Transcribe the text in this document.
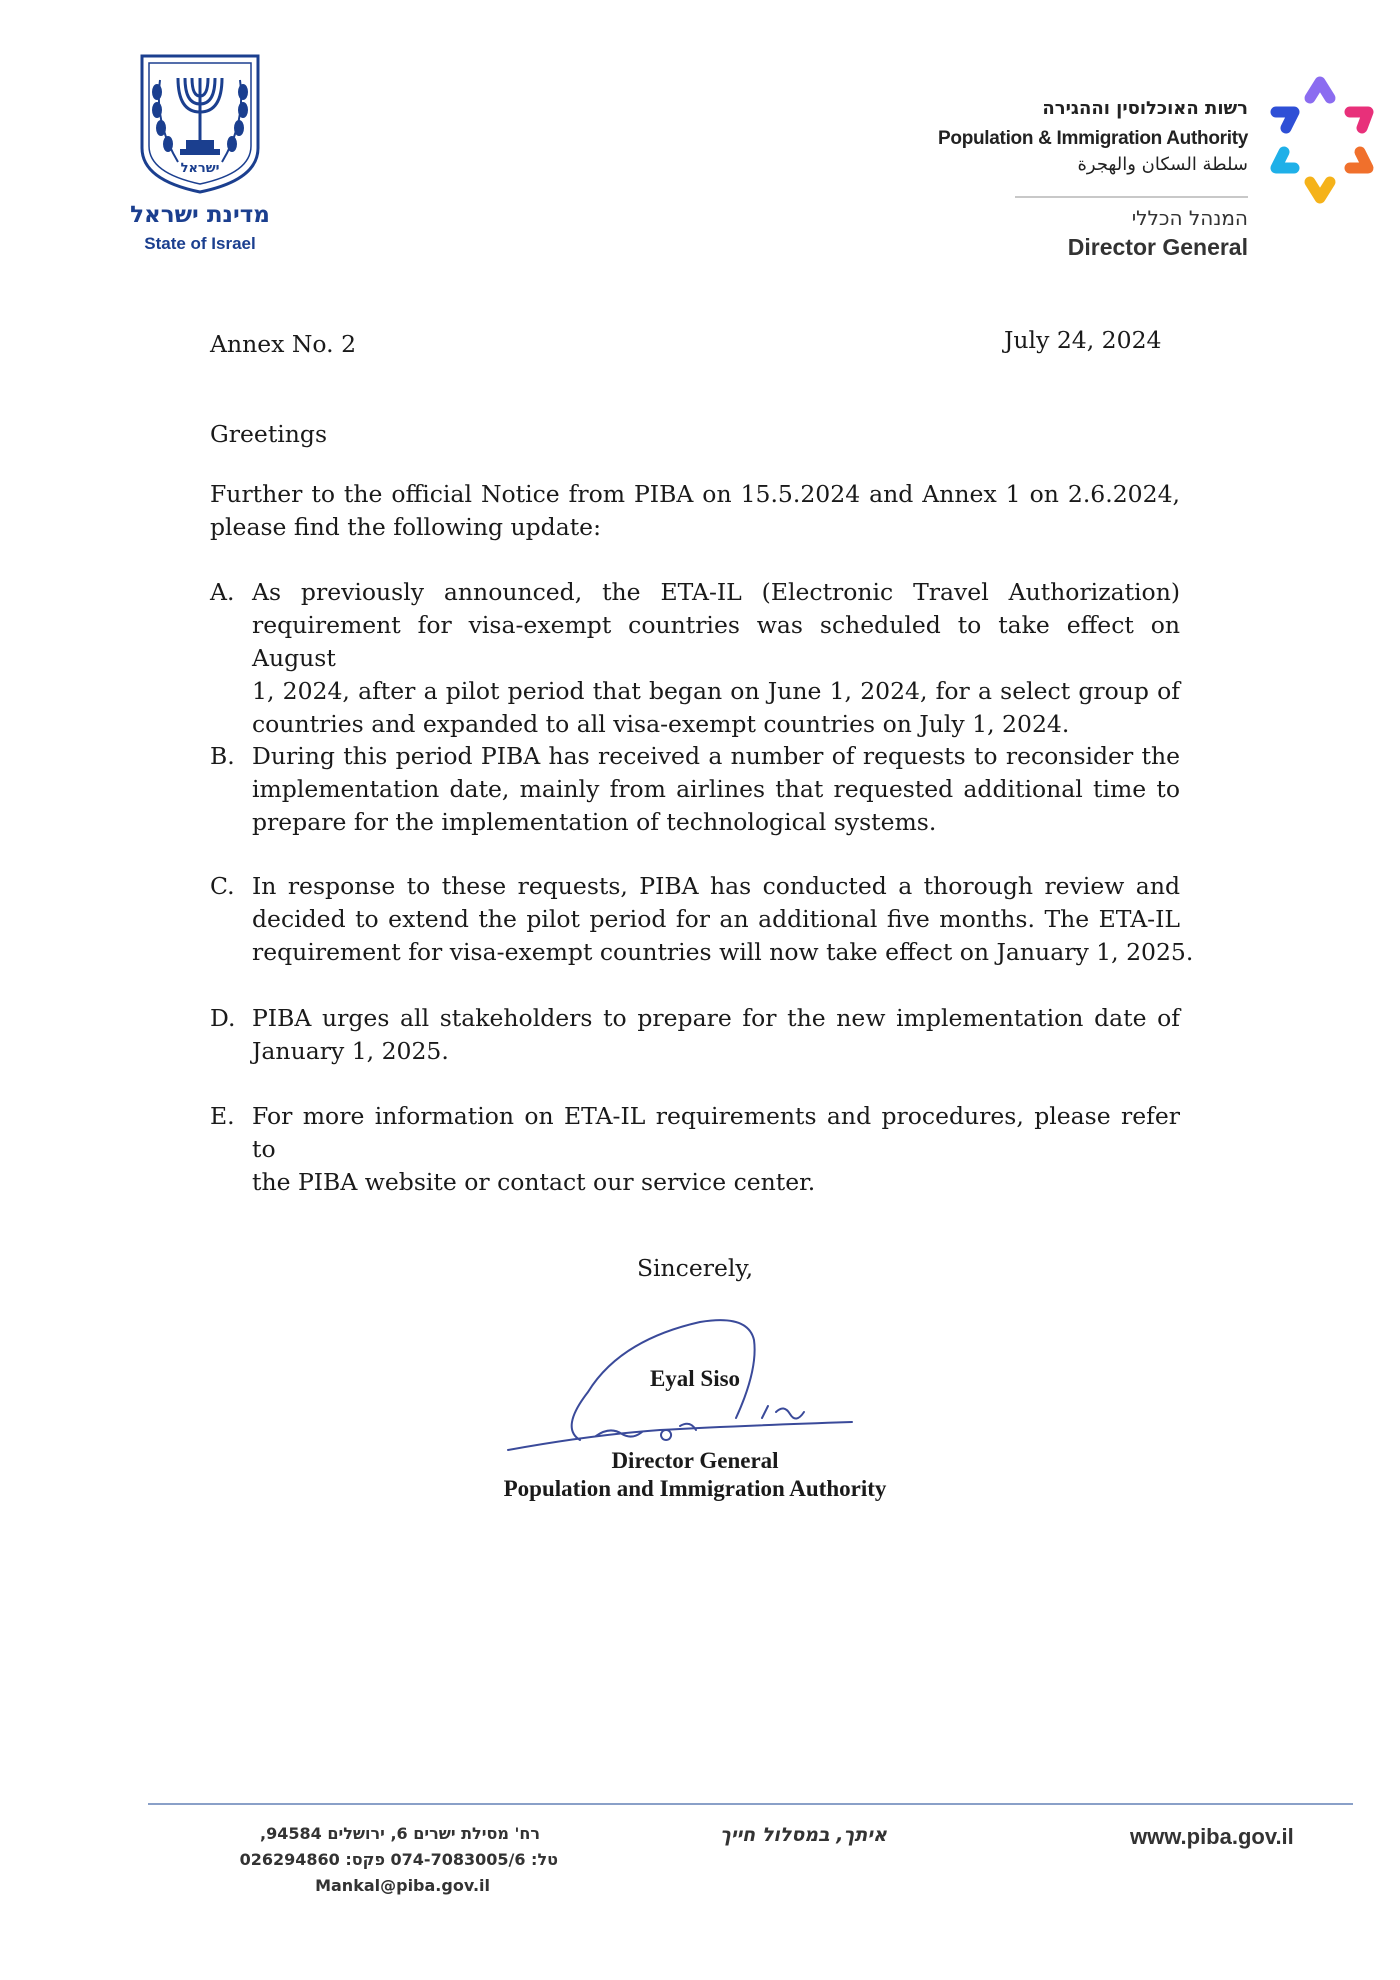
ישראל
מדינת ישראל
State of Israel
רשות האוכלוסין וההגירה
Population & Immigration Authority
سلطة السكان والهجرة
המנהל הכללי
Director General
Annex No. 2	July 24, 2024
Greetings
Further to the official Notice from PIBA on 15.5.2024 and Annex 1 on 2.6.2024,
please find the following update:
A. As previously announced, the ETA-IL (Electronic Travel Authorization)
requirement for visa-exempt countries was scheduled to take effect on August
1, 2024, after a pilot period that began on June 1, 2024, for a select group of
countries and expanded to all visa-exempt countries on July 1, 2024.
B. During this period PIBA has received a number of requests to reconsider the
implementation date, mainly from airlines that requested additional time to
prepare for the implementation of technological systems.
C. In response to these requests, PIBA has conducted a thorough review and
decided to extend the pilot period for an additional five months. The ETA-IL
requirement for visa-exempt countries will now take effect on January 1, 2025.
D. PIBA urges all stakeholders to prepare for the new implementation date of
January 1, 2025.
E. For more information on ETA-IL requirements and procedures, please refer to
the PIBA website or contact our service center.
Sincerely,
Eyal Siso
Director General
Population and Immigration Authority
רח' מסילת ישרים 6, ירושלים 94584,
טל: 074-7083005/6 פקס: 026294860
Mankal@piba.gov.il
איתך, במסלול חייך	www.piba.gov.il
